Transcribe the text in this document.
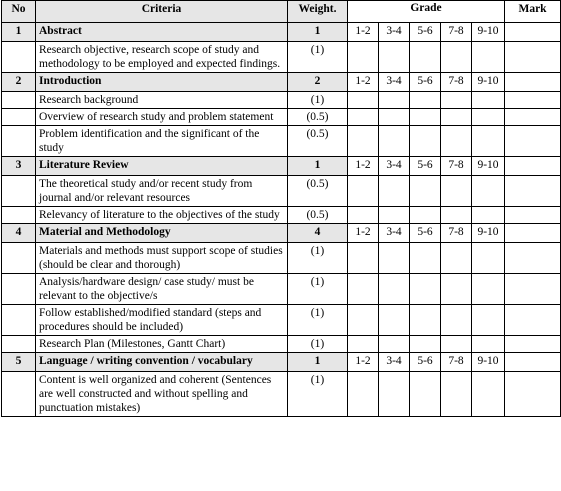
No	Criteria	Weight.	Grade					Mark
1	Abstract	1	1-2	3-4	5-6	7-8	9-10	
	Research objective, research scope of study and methodology to be employed and expected findings.	(1)						
2	Introduction	2	1-2	3-4	5-6	7-8	9-10	
	Research background	(1)						
	Overview of research study and problem statement	(0.5)						
	Problem identification and the significant of the study	(0.5)						
3	Literature Review	1	1-2	3-4	5-6	7-8	9-10	
	The theoretical study and/or recent study from journal and/or relevant resources	(0.5)						
	Relevancy of literature to the objectives of the study	(0.5)						
4	Material and Methodology	4	1-2	3-4	5-6	7-8	9-10	
	Materials and methods must support scope of studies (should be clear and thorough)	(1)						
	Analysis/hardware design/ case study/ must be relevant to the objective/s	(1)						
	Follow established/modified standard (steps and procedures should be included)	(1)						
	Research Plan (Milestones, Gantt Chart)	(1)						
5	Language / writing convention / vocabulary	1	1-2	3-4	5-6	7-8	9-10	
	Content is well organized and coherent (Sentences are well constructed and without spelling and punctuation mistakes)	(1)						
